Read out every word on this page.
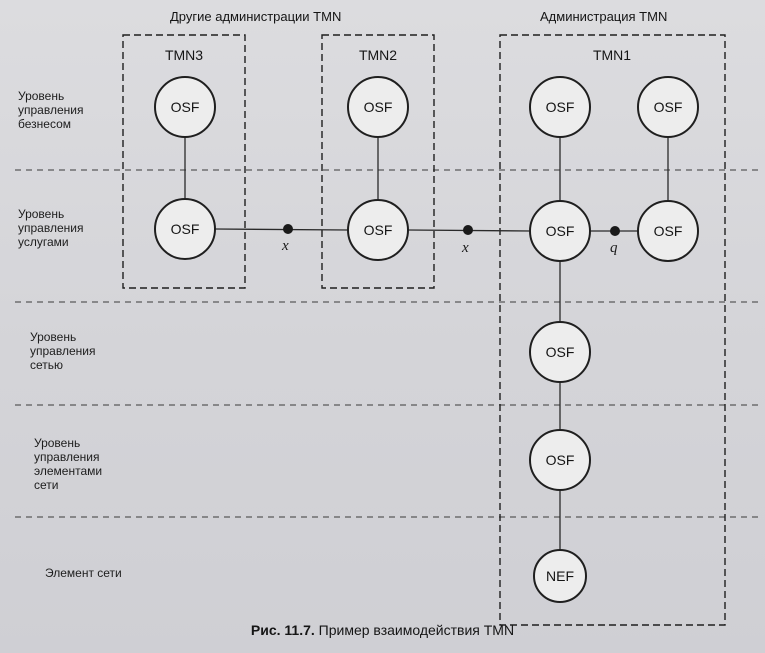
x	x	q
OSF
OSF
OSF
OSF
OSF	OSF
OSF	OSF
OSF
OSF
NEF
TMN3	TMN2	TMN1
Другие администрации TMN	Администрация TMN
Уровень управления безнесом
Уровень управления услугами
Уровень управления сетью
Уровень управления элементами сети
Элемент сети
Рис. 11.7. Пример взаимодействия TMN
